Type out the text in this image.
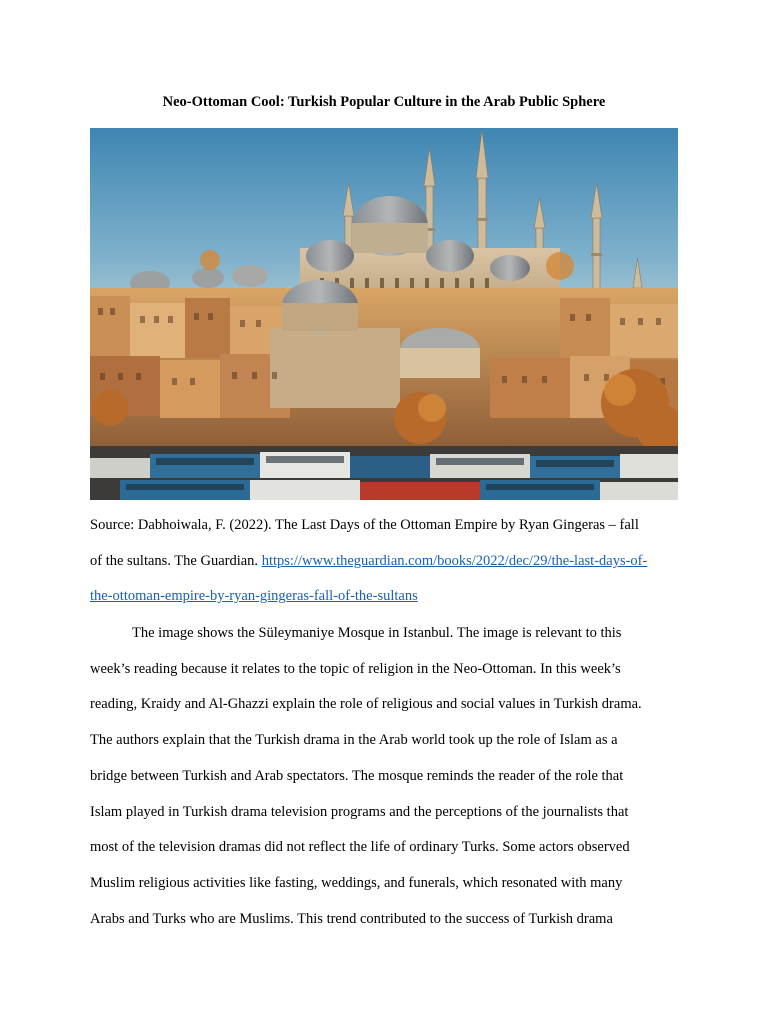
Neo-Ottoman Cool: Turkish Popular Culture in the Arab Public Sphere
Source: Dabhoiwala, F. (2022). The Last Days of the Ottoman Empire by Ryan Gingeras – fall
of the sultans. The Guardian. https://www.theguardian.com/books/2022/dec/29/the-last-days-of-
the-ottoman-empire-by-ryan-gingeras-fall-of-the-sultans
The image shows the Süleymaniye Mosque in Istanbul. The image is relevant to this
week’s reading because it relates to the topic of religion in the Neo-Ottoman. In this week’s
reading, Kraidy and Al-Ghazzi explain the role of religious and social values in Turkish drama.
The authors explain that the Turkish drama in the Arab world took up the role of Islam as a
bridge between Turkish and Arab spectators. The mosque reminds the reader of the role that
Islam played in Turkish drama television programs and the perceptions of the journalists that
most of the television dramas did not reflect the life of ordinary Turks. Some actors observed
Muslim religious activities like fasting, weddings, and funerals, which resonated with many
Arabs and Turks who are Muslims. This trend contributed to the success of Turkish drama
